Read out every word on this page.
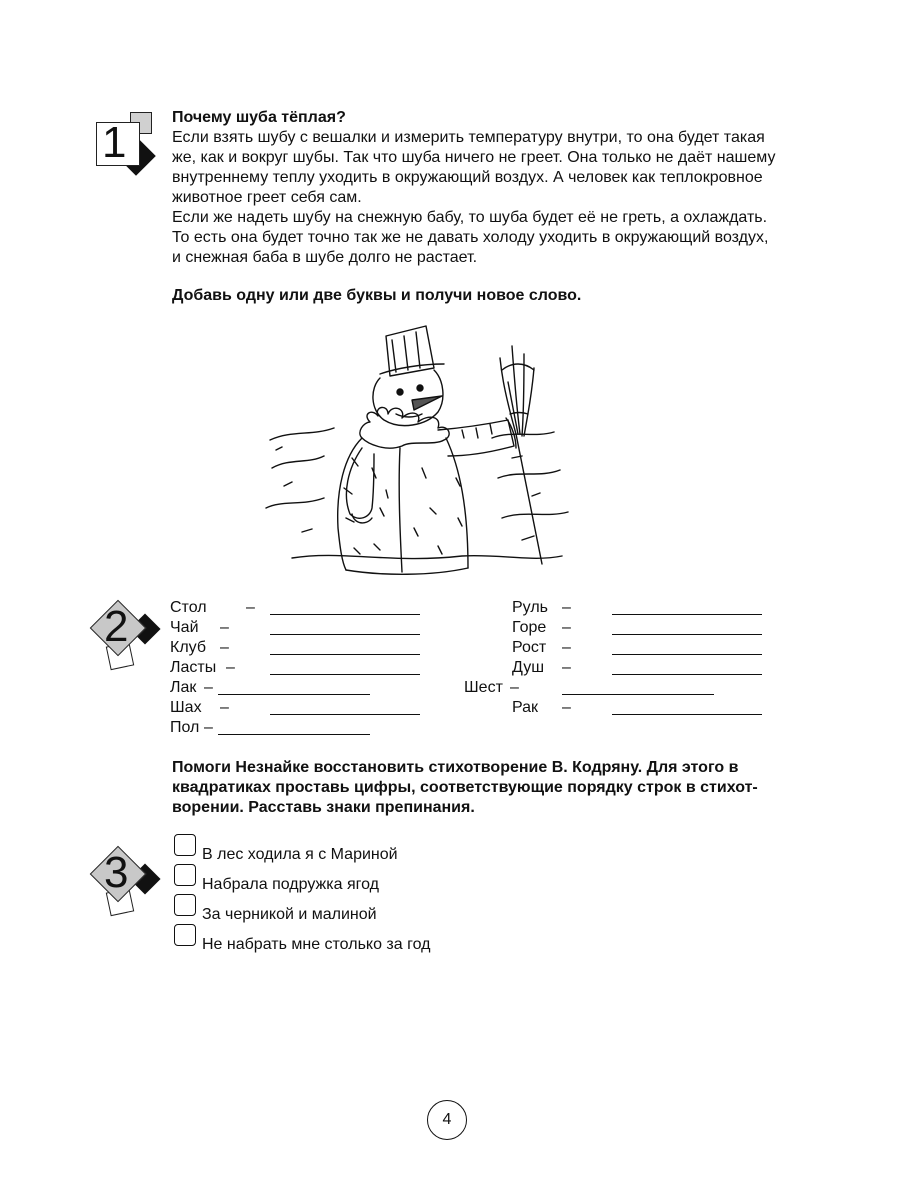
1
Почему шуба тёплая?
Если взять шубу с вешалки и измерить температуру внутри, то она будет такая
же, как и вокруг шубы. Так что шуба ничего не греет. Она только не даёт нашему
внутреннему теплу уходить в окружающий воздух. А человек как теплокровное
животное греет себя сам.
Если же надеть шубу на снежную бабу, то шуба будет её не греть, а охлаждать.
То есть она будет точно так же не давать холоду уходить в окружающий воздух,
и снежная баба в шубе долго не растает.
Добавь одну или две буквы и получи новое слово.
2	Стол –
Чай –
Клуб –
Ласты –
Лак –
Шах –
Пол –
Руль –
Горе –
Рост –
Душ –
Шест –
Рак –
Помоги Незнайке восстановить стихотворение В. Кодряну. Для этого в
квадратиках проставь цифры, соответствующие порядку строк в стихот-
ворении. Расставь знаки препинания.
3	В лес ходила я с Мариной
Набрала подружка ягод
За черникой и малиной
Не набрать мне столько за год
4
